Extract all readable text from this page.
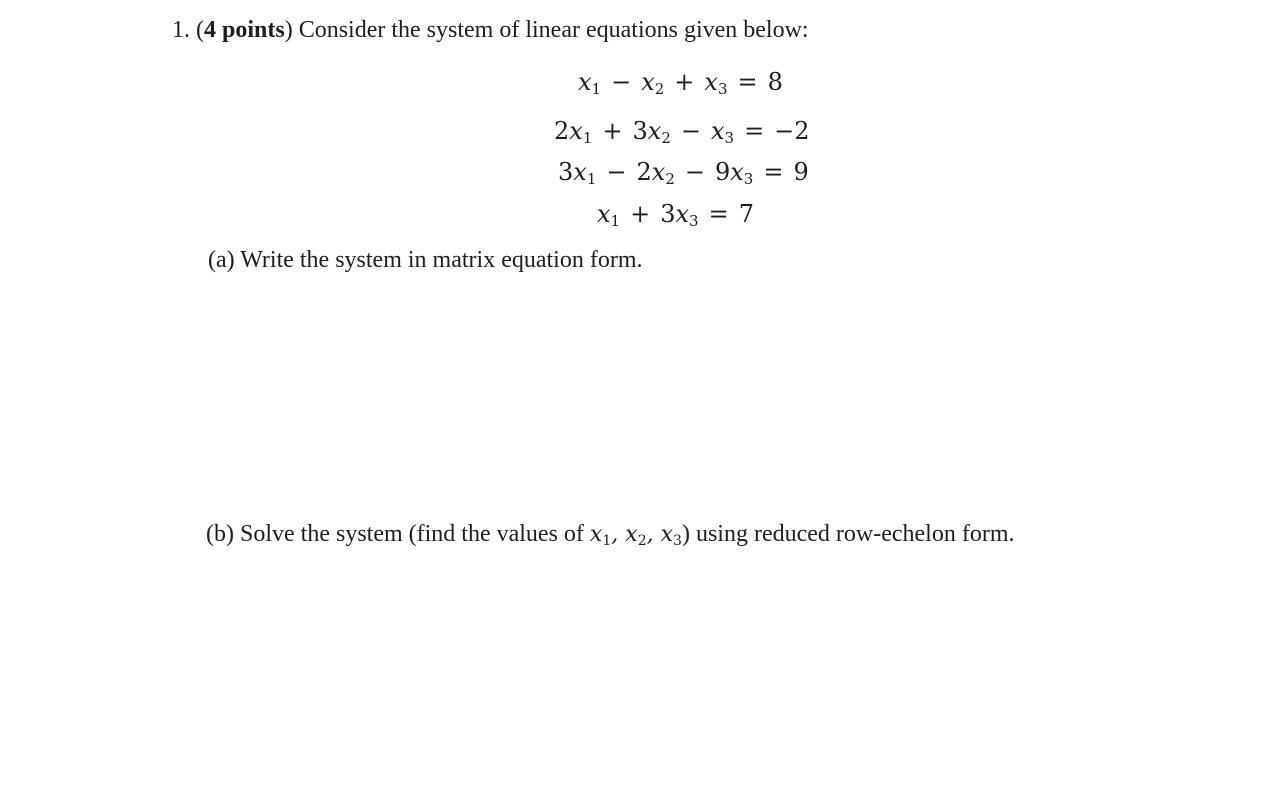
1. (4 points) Consider the system of linear equations given below:
$x_1 - x_2 + x_3 = 8$
$2x_1 + 3x_2 - x_3 = -2$
$3x_1 - 2x_2 - 9x_3 = 9$
$x_1 + 3x_3 = 7$
(a) Write the system in matrix equation form.
(b) Solve the system (find the values of $x_1$, $x_2$, $x_3$) using reduced row-echelon form.
